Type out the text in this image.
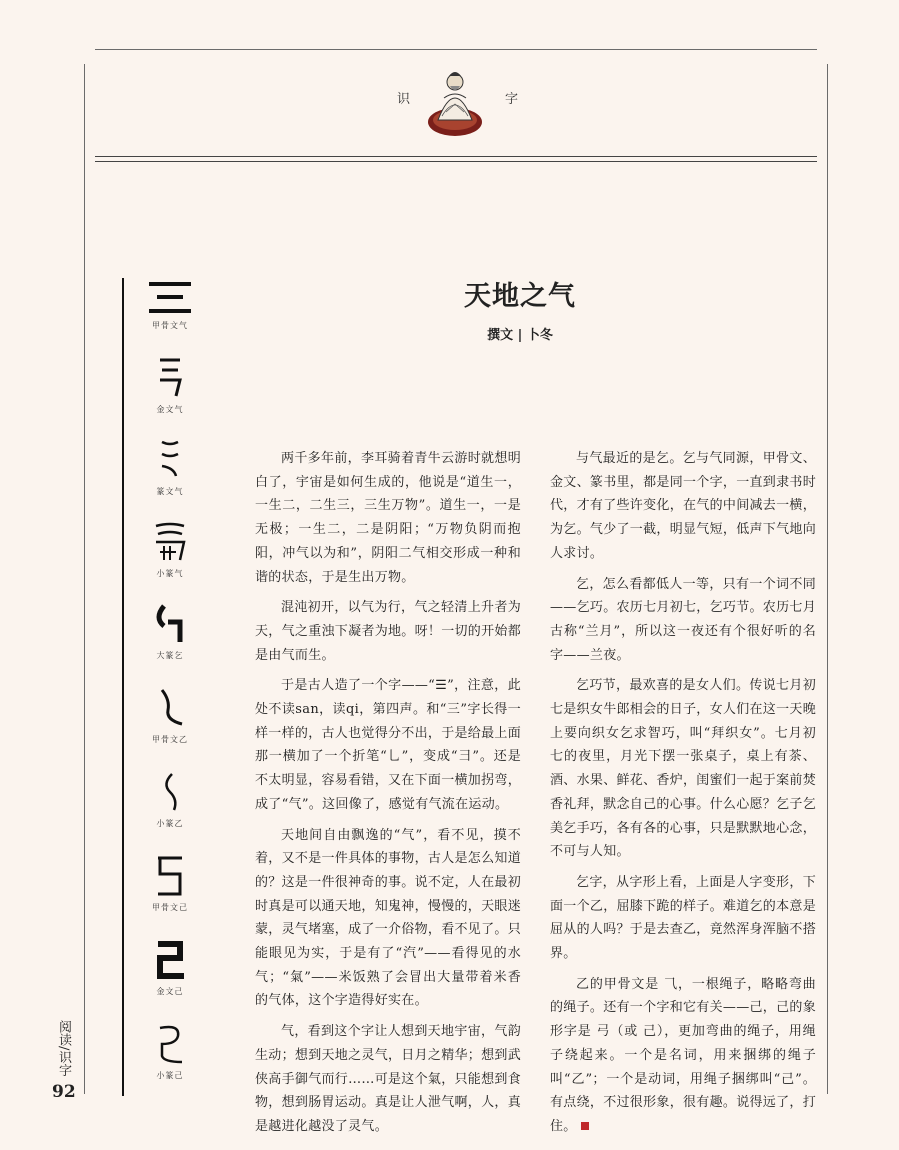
识	字
甲骨文气
金文气
篆文气
小篆气
大篆乞
甲骨文乙
小篆乙
甲骨文己
金文己
小篆己
阅读/识字
92
天地之气
撰文 | 卜冬

两千多年前，李耳骑着青牛云游时就想明白了，宇宙是如何生成的，他说是“道生一，一生二，二生三，三生万物”。道生一，一是无极；一生二，二是阴阳；“万物负阴而抱阳，冲气以为和”，阴阳二气相交形成一种和谐的状态，于是生出万物。

混沌初开，以气为行，气之轻清上升者为天，气之重浊下凝者为地。呀！一切的开始都是由气而生。

于是古人造了一个字——“☰”，注意，此处不读san，读qi，第四声。和“三”字长得一样一样的，古人也觉得分不出，于是给最上面那一横加了一个折笔“乚”，变成“⺕”。还是不太明显，容易看错，又在下面一横加拐弯，成了“气”。这回像了，感觉有气流在运动。

天地间自由飘逸的“气”，看不见，摸不着，又不是一件具体的事物，古人是怎么知道的？这是一件很神奇的事。说不定，人在最初时真是可以通天地，知鬼神，慢慢的，天眼迷蒙，灵气堵塞，成了一介俗物，看不见了。只能眼见为实，于是有了“汽”——看得见的水气；“氣”——米饭熟了会冒出大量带着米香的气体，这个字造得好实在。

气，看到这个字让人想到天地宇宙，气韵生动；想到天地之灵气，日月之精华；想到武侠高手御气而行……可是这个氣，只能想到食物，想到肠胃运动。真是让人泄气啊，人，真是越进化越没了灵气。

与气最近的是乞。乞与气同源，甲骨文、金文、篆书里，都是同一个字，一直到隶书时代，才有了些许变化，在气的中间减去一横，为乞。气少了一截，明显气短，低声下气地向人求讨。

乞，怎么看都低人一等，只有一个词不同——乞巧。农历七月初七，乞巧节。农历七月古称“兰月”，所以这一夜还有个很好听的名字——兰夜。

乞巧节，最欢喜的是女人们。传说七月初七是织女牛郎相会的日子，女人们在这一天晚上要向织女乞求智巧，叫“拜织女”。七月初七的夜里，月光下摆一张桌子，桌上有茶、酒、水果、鲜花、香炉，闺蜜们一起于案前焚香礼拜，默念自己的心事。什么心愿？乞子乞美乞手巧，各有各的心事，只是默默地心念，不可与人知。

乞字，从字形上看，上面是人字变形，下面一个乙，屈膝下跪的样子。难道乞的本意是屈从的人吗？于是去查乙，竟然浑身浑脑不搭界。

乙的甲骨文是 ⺄，一根绳子，略略弯曲的绳子。还有一个字和它有关——己，己的象形字是 ⼸（或 己），更加弯曲的绳子，用绳子绕起来。一个是名词，用来捆绑的绳子叫“乙”；一个是动词，用绳子捆绑叫“己”。有点绕，不过很形象，很有趣。说得远了，打住。
